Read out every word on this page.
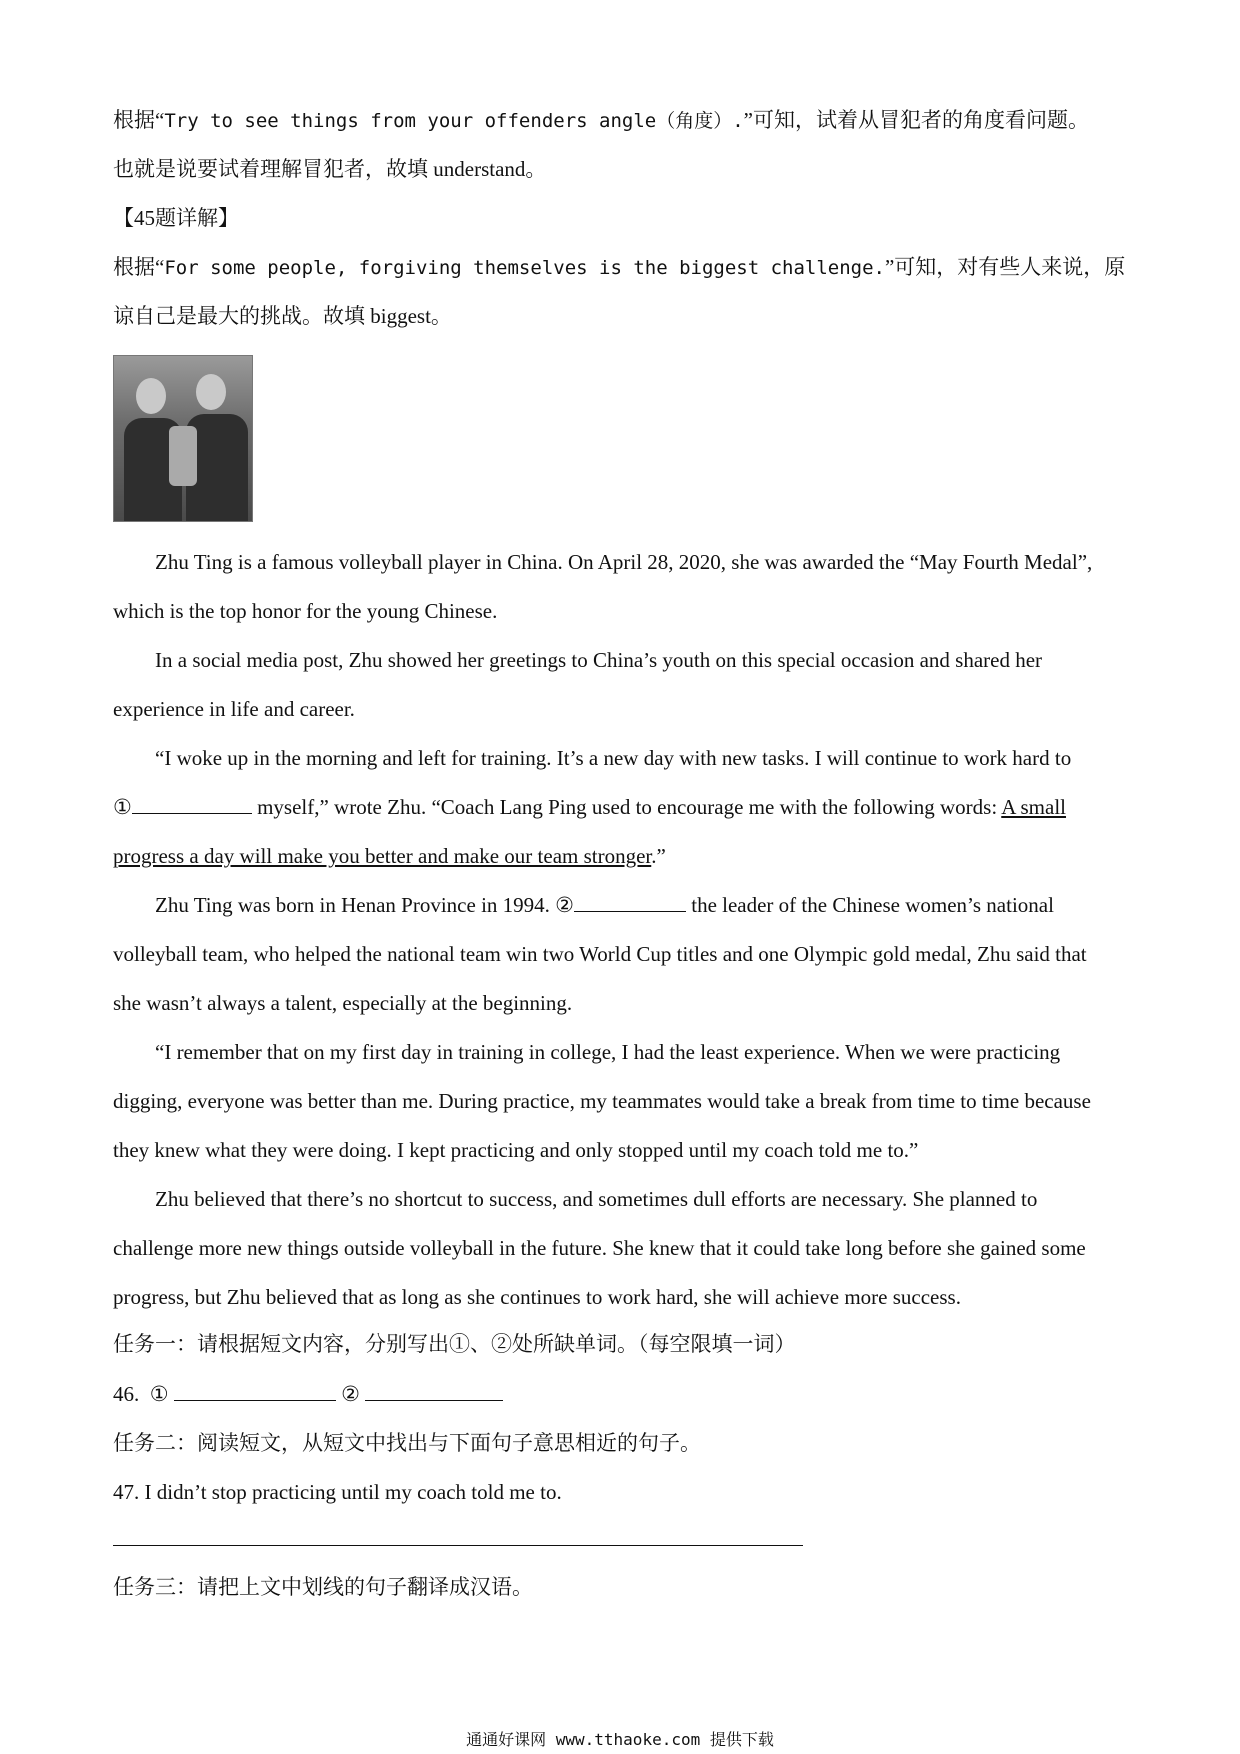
根据“Try to see things from your offenders angle（角度）.”可知，试着从冒犯者的角度看问题。
也就是说要试着理解冒犯者，故填 understand。
【45题详解】
根据“For some people, forgiving themselves is the biggest challenge.”可知，对有些人来说，原
谅自己是最大的挑战。故填 biggest。
Zhu Ting is a famous volleyball player in China. On April 28, 2020, she was awarded the “May Fourth Medal”,
which is the top honor for the young Chinese.
In a social media post, Zhu showed her greetings to China’s youth on this special occasion and shared her
experience in life and career.
“I woke up in the morning and left for training. It’s a new day with new tasks. I will continue to work hard to
①	myself,” wrote Zhu. “Coach Lang Ping used to encourage me with the following words: A small
progress a day will make you better and make our team stronger.”
Zhu Ting was born in Henan Province in 1994. ②	the leader of the Chinese women’s national
volleyball team, who helped the national team win two World Cup titles and one Olympic gold medal, Zhu said that
she wasn’t always a talent, especially at the beginning.
“I remember that on my first day in training in college, I had the least experience. When we were practicing
digging, everyone was better than me. During practice, my teammates would take a break from time to time because
they knew what they were doing. I kept practicing and only stopped until my coach told me to.”
Zhu believed that there’s no shortcut to success, and sometimes dull efforts are necessary. She planned to
challenge more new things outside volleyball in the future. She knew that it could take long before she gained some
progress, but Zhu believed that as long as she continues to work hard, she will achieve more success.
任务一：请根据短文内容，分别写出①、②处所缺单词。（每空限填一词）
46. ①	②
任务二：阅读短文，从短文中找出与下面句子意思相近的句子。
47. I didn’t stop practicing until my coach told me to.
任务三：请把上文中划线的句子翻译成汉语。
通通好课网 www.tthaoke.com 提供下载
